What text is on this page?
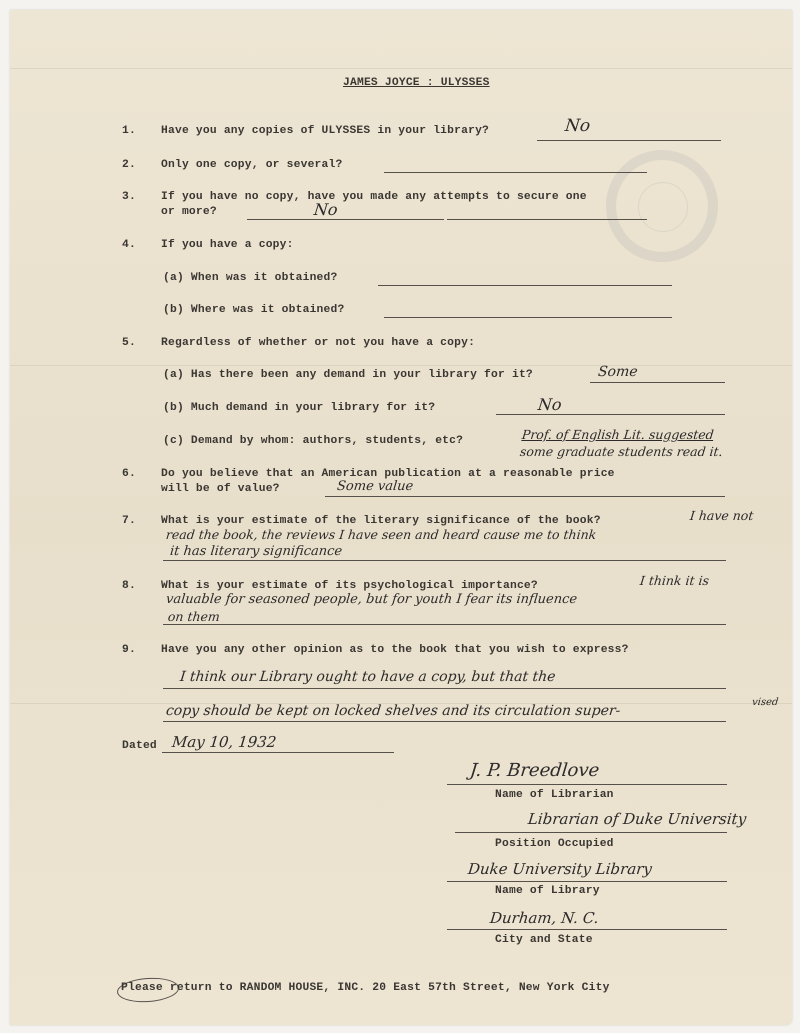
JAMES JOYCE : ULYSSES
1. Have you any copies of ULYSSES in your library?	No
2. Only one copy, or several?
3. If you have no copy, have you made any attempts to secure one
or more?	No
4. If you have a copy:
(a) When was it obtained?
(b) Where was it obtained?
5. Regardless of whether or not you have a copy:
(a) Has there been any demand in your library for it?	Some
(b) Much demand in your library for it?	No
(c) Demand by whom: authors, students, etc?	Prof. of English Lit. suggested
some graduate students read it.
6. Do you believe that an American publication at a reasonable price
will be of value?	Some value
7. What is your estimate of the literary significance of the book?	I have not
read the book, the reviews I have seen and heard cause me to think
it has literary significance
8. What is your estimate of its psychological importance?	I think it is
valuable for seasoned people, but for youth I fear its influence
on them
9. Have you any other opinion as to the book that you wish to express?
I think our Library ought to have a copy, but that the
copy should be kept on locked shelves and its circulation super-
vised
Dated May 10, 1932
J. P. Breedlove
Name of Librarian
Librarian of Duke University
Position Occupied
Duke University Library
Name of Library
Durham, N. C.
City and State
Please return to RANDOM HOUSE, INC. 20 East 57th Street, New York City
